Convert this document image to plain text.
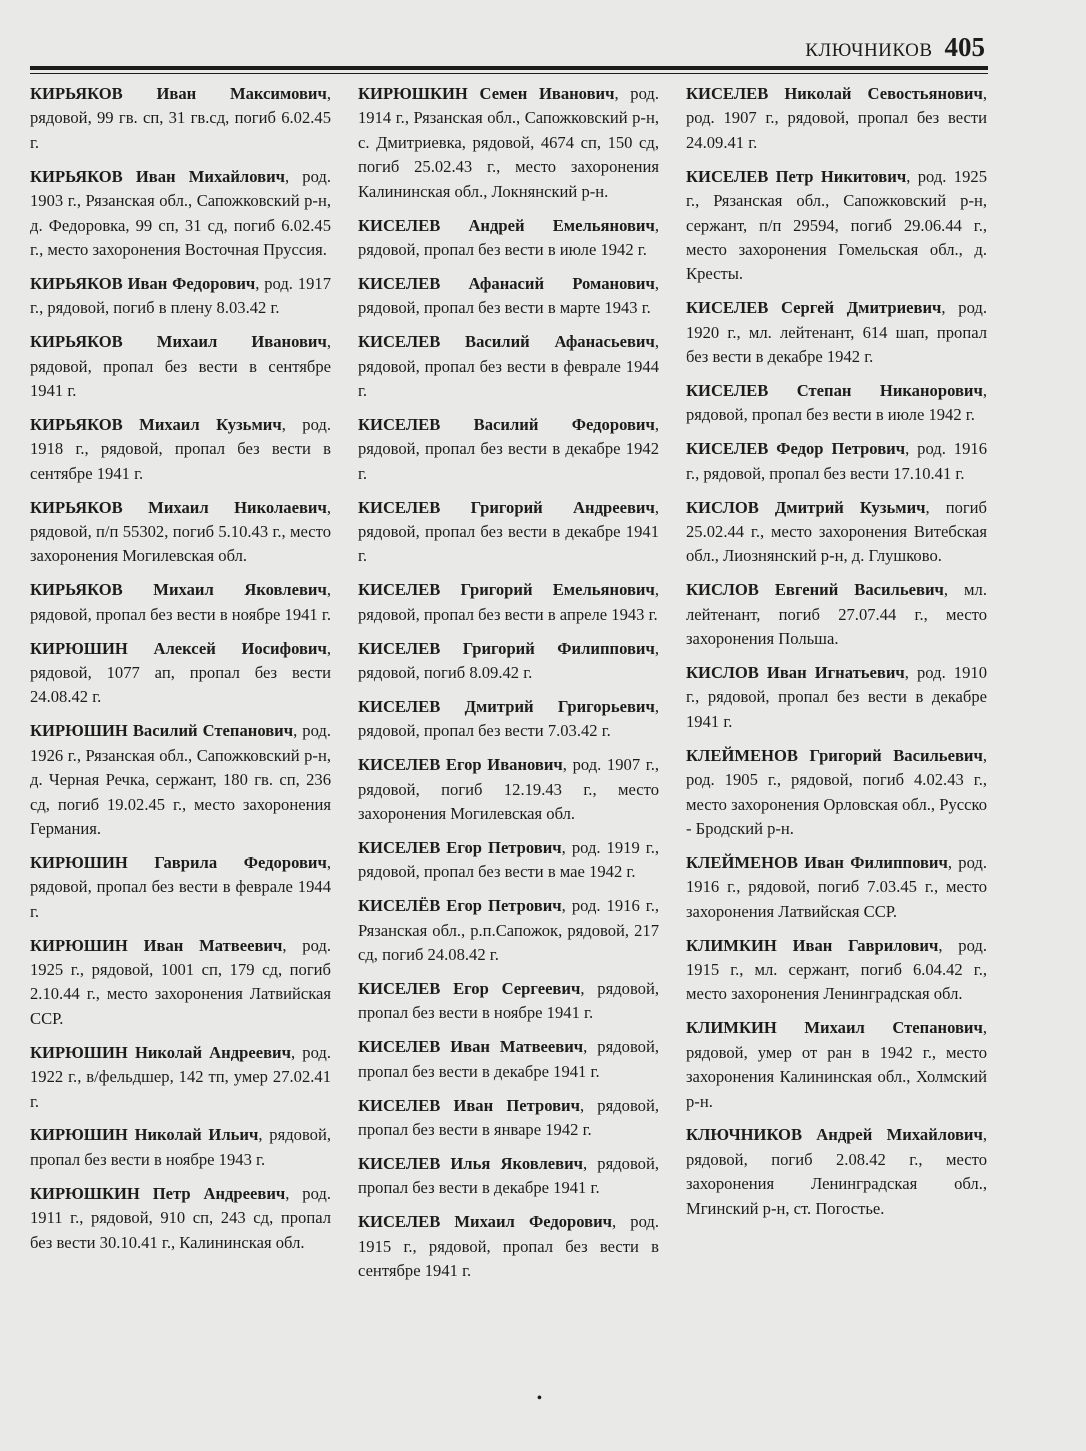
КЛЮЧНИКОВ 405

КИРЬЯКОВ Иван Максимович, рядовой, 99 гв. сп, 31 гв.сд, погиб 6.02.45 г.

КИРЬЯКОВ Иван Михайлович, род. 1903 г., Рязанская обл., Сапожковский р-н, д. Федоровка, 99 сп, 31 сд, погиб 6.02.45 г., место захоронения Восточная Пруссия.

КИРЬЯКОВ Иван Федорович, род. 1917 г., рядовой, погиб в плену 8.03.42 г.

КИРЬЯКОВ Михаил Иванович, рядовой, пропал без вести в сентябре 1941 г.

КИРЬЯКОВ Михаил Кузьмич, род. 1918 г., рядовой, пропал без вести в сентябре 1941 г.

КИРЬЯКОВ Михаил Николаевич, рядовой, п/п 55302, погиб 5.10.43 г., место захоронения Могилевская обл.

КИРЬЯКОВ Михаил Яковлевич, рядовой, пропал без вести в ноябре 1941 г.

КИРЮШИН Алексей Иосифович, рядовой, 1077 ап, пропал без вести 24.08.42 г.

КИРЮШИН Василий Степанович, род. 1926 г., Рязанская обл., Сапожковский р-н, д. Черная Речка, сержант, 180 гв. сп, 236 сд, погиб 19.02.45 г., место захоронения Германия.

КИРЮШИН Гаврила Федорович, рядовой, пропал без вести в феврале 1944 г.

КИРЮШИН Иван Матвеевич, род. 1925 г., рядовой, 1001 сп, 179 сд, погиб 2.10.44 г., место захоронения Латвийская ССР.

КИРЮШИН Николай Андреевич, род. 1922 г., в/фельдшер, 142 тп, умер 27.02.41 г.

КИРЮШИН Николай Ильич, рядовой, пропал без вести в ноябре 1943 г.

КИРЮШКИН Петр Андреевич, род. 1911 г., рядовой, 910 сп, 243 сд, пропал без вести 30.10.41 г., Калининская обл.

КИРЮШКИН Семен Иванович, род. 1914 г., Рязанская обл., Сапожковский р-н, с. Дмитриевка, рядовой, 4674 сп, 150 сд, погиб 25.02.43 г., место захоронения Калининская обл., Локнянский р-н.

КИСЕЛЕВ Андрей Емельянович, рядовой, пропал без вести в июле 1942 г.

КИСЕЛЕВ Афанасий Романович, рядовой, пропал без вести в марте 1943 г.

КИСЕЛЕВ Василий Афанасьевич, рядовой, пропал без вести в феврале 1944 г.

КИСЕЛЕВ Василий Федорович, рядовой, пропал без вести в декабре 1942 г.

КИСЕЛЕВ Григорий Андреевич, рядовой, пропал без вести в декабре 1941 г.

КИСЕЛЕВ Григорий Емельянович, рядовой, пропал без вести в апреле 1943 г.

КИСЕЛЕВ Григорий Филиппович, рядовой, погиб 8.09.42 г.

КИСЕЛЕВ Дмитрий Григорьевич, рядовой, пропал без вести 7.03.42 г.

КИСЕЛЕВ Егор Иванович, род. 1907 г., рядовой, погиб 12.19.43 г., место захоронения Могилевская обл.

КИСЕЛЕВ Егор Петрович, род. 1919 г., рядовой, пропал без вести в мае 1942 г.

КИСЕЛЁВ Егор Петрович, род. 1916 г., Рязанская обл., р.п.Сапожок, рядовой, 217 сд, погиб 24.08.42 г.

КИСЕЛЕВ Егор Сергеевич, рядовой, пропал без вести в ноябре 1941 г.

КИСЕЛЕВ Иван Матвеевич, рядовой, пропал без вести в декабре 1941 г.

КИСЕЛЕВ Иван Петрович, рядовой, пропал без вести в январе 1942 г.

КИСЕЛЕВ Илья Яковлевич, рядовой, пропал без вести в декабре 1941 г.

КИСЕЛЕВ Михаил Федорович, род. 1915 г., рядовой, пропал без вести в сентябре 1941 г.

КИСЕЛЕВ Николай Севостьянович, род. 1907 г., рядовой, пропал без вести 24.09.41 г.

КИСЕЛЕВ Петр Никитович, род. 1925 г., Рязанская обл., Сапожковский р-н, сержант, п/п 29594, погиб 29.06.44 г., место захоронения Гомельская обл., д. Кресты.

КИСЕЛЕВ Сергей Дмитриевич, род. 1920 г., мл. лейтенант, 614 шап, пропал без вести в декабре 1942 г.

КИСЕЛЕВ Степан Никанорович, рядовой, пропал без вести в июле 1942 г.

КИСЕЛЕВ Федор Петрович, род. 1916 г., рядовой, пропал без вести 17.10.41 г.

КИСЛОВ Дмитрий Кузьмич, погиб 25.02.44 г., место захоронения Витебская обл., Лиознянский р-н, д. Глушково.

КИСЛОВ Евгений Васильевич, мл. лейтенант, погиб 27.07.44 г., место захоронения Польша.

КИСЛОВ Иван Игнатьевич, род. 1910 г., рядовой, пропал без вести в декабре 1941 г.

КЛЕЙМЕНОВ Григорий Васильевич, род. 1905 г., рядовой, погиб 4.02.43 г., место захоронения Орловская обл., Русско - Бродский р-н.

КЛЕЙМЕНОВ Иван Филиппович, род. 1916 г., рядовой, погиб 7.03.45 г., место захоронения Латвийская ССР.

КЛИМКИН Иван Гаврилович, род. 1915 г., мл. сержант, погиб 6.04.42 г., место захоронения Ленинградская обл.

КЛИМКИН Михаил Степанович, рядовой, умер от ран в 1942 г., место захоронения Калининская обл., Холмский р-н.

КЛЮЧНИКОВ Андрей Михайлович, рядовой, погиб 2.08.42 г., место захоронения Ленинградская обл., Мгинский р-н, ст. Погостье.

•
